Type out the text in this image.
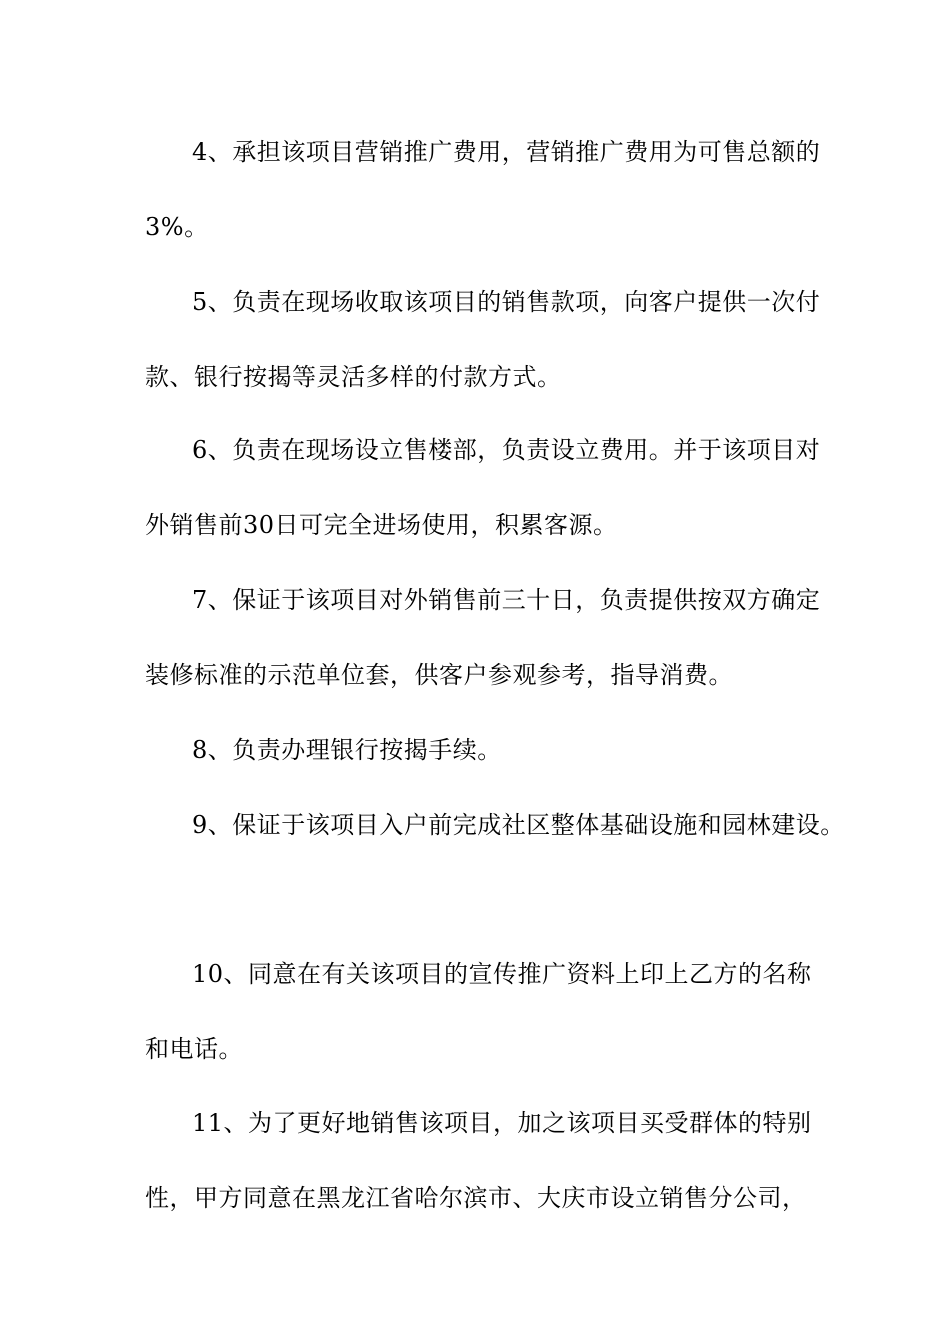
4、承担该项目营销推广费用，营销推广费用为可售总额的
3%。
5、负责在现场收取该项目的销售款项，向客户提供一次付
款、银行按揭等灵活多样的付款方式。
6、负责在现场设立售楼部，负责设立费用。并于该项目对
外销售前30日可完全进场使用，积累客源。
7、保证于该项目对外销售前三十日，负责提供按双方确定
装修标准的示范单位套，供客户参观参考，指导消费。
8、负责办理银行按揭手续。
9、保证于该项目入户前完成社区整体基础设施和园林建设。
10、同意在有关该项目的宣传推广资料上印上乙方的名称
和电话。
11、为了更好地销售该项目，加之该项目买受群体的特别
性，甲方同意在黑龙江省哈尔滨市、大庆市设立销售分公司，
